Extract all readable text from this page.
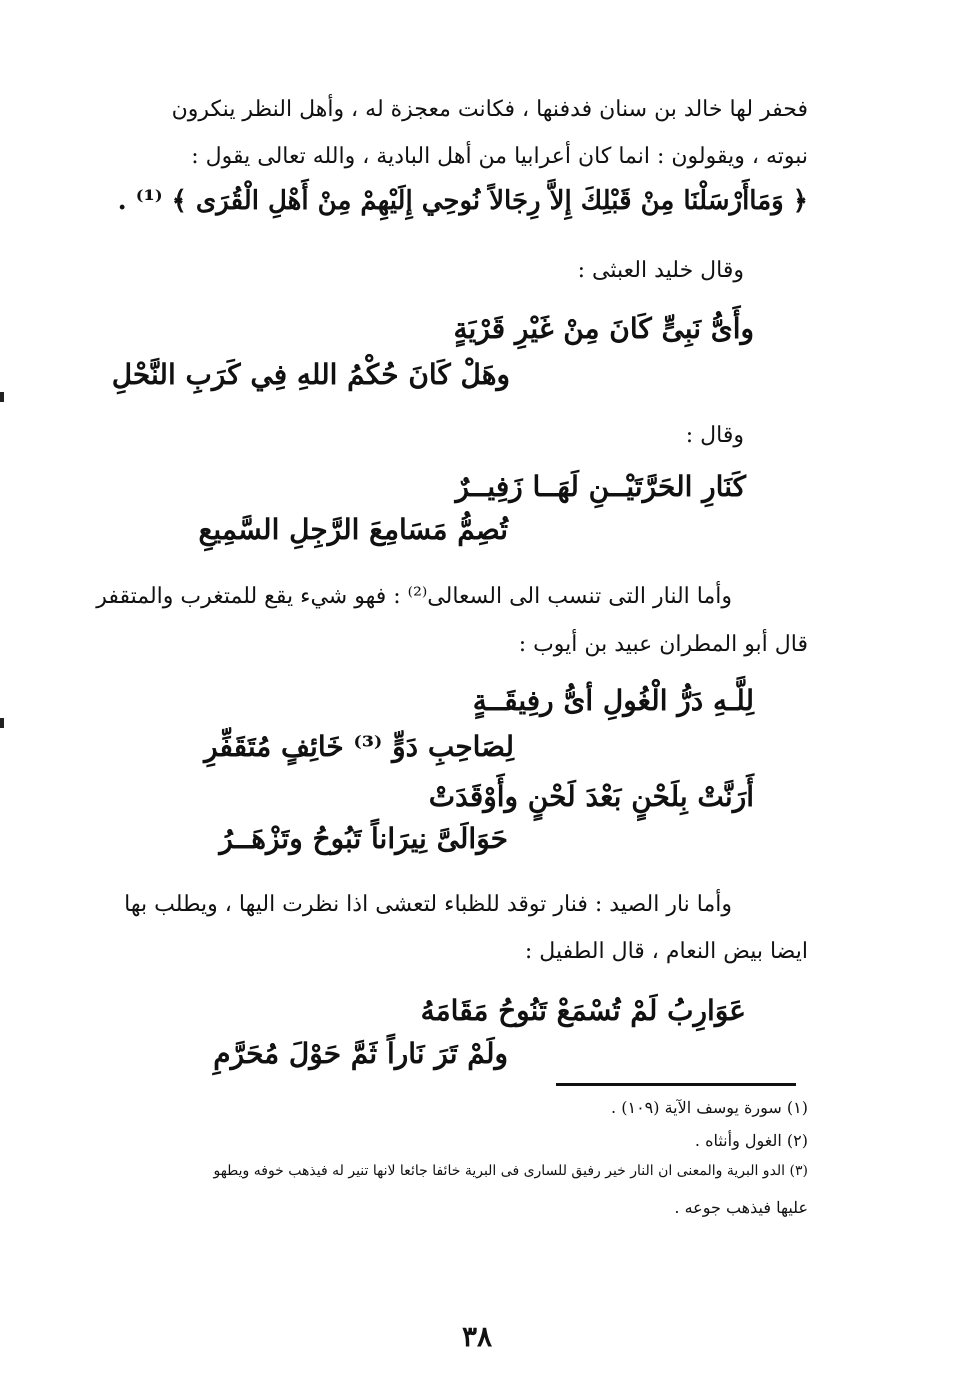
فحفر لها خالد بن سنان فدفنها ، فكانت معجزة له ، وأهل النظر ينكرون
نبوته ، ويقولون : انما كان أعرابيا من أهل البادية ، والله تعالى يقول :
﴿ وَمَاأَرْسَلْنَا مِنْ قَبْلِكَ إِلاَّ رِجَالاً نُوحِي إِلَيْهِمْ مِنْ أَهْلِ الْقُرَى ﴾ ⁽¹⁾ .
وقال خليد العبثى :
وأَىُّ نَبِىٍّ كَانَ مِنْ غَيْرِ قَرْيَةٍ
وهَلْ كَانَ حُكْمُ اللهِ فِي كَرَبِ النَّحْلِ
وقال :
كَنَارِ الحَرَّتَيْــنِ لَهَــا زَفِيــرٌ
تُصِمُّ مَسَامِعَ الرَّجِلِ السَّمِيعِ
وأما النار التى تنسب الى السعالى⁽²⁾ : فهو شيء يقع للمتغرب والمتقفر
قال أبو المطران عبيد بن أيوب :
لِلَّـهِ دَرُّ الْغُولِ أىُّ رفِيقَــةٍ
لِصَاحِبِ دَوٍّ ⁽³⁾ خَائِفٍ مُتَقَفِّرِ
أَرَنَّتْ بِلَحْنٍ بَعْدَ لَحْنٍ وأَوْقَدَتْ
حَوَالَىَّ نِيرَاناً تَبُوحُ وتَزْهَــرُ
وأما نار الصيد : فنار توقد للظباء لتعشى اذا نظرت اليها ، ويطلب بها
ايضا بيض النعام ، قال الطفيل :
عَوَارِبُ لَمْ تُسْمَعْ تَنُوحُ مَقَامَهُ
ولَمْ تَرَ نَاراً ثَمَّ حَوْلَ مُحَرَّمِ
(١) سورة يوسف الآية (١٠٩) .
(٢) الغول وأنثاه .
(٣) الدو البرية والمعنى ان النار خير رفيق للسارى فى البرية خائفا جائعا لانها تنير له فيذهب خوفه ويطهو
عليها فيذهب جوعه .
٣٨
